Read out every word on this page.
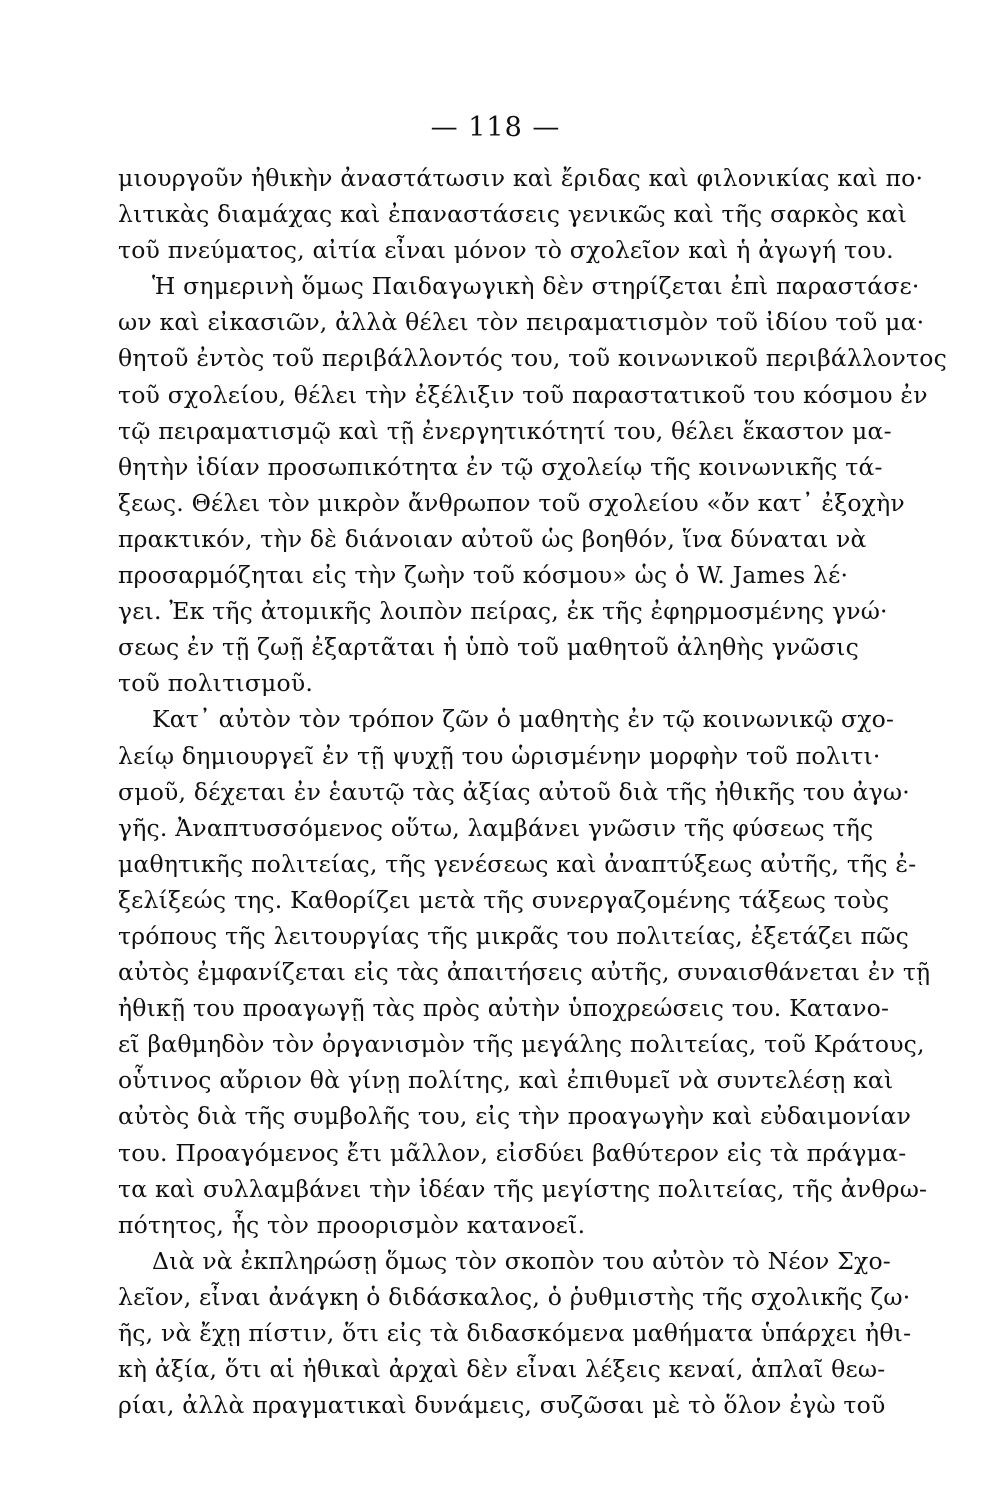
— 118 —
μιουργοῦν ἠθικὴν ἀναστάτωσιν καὶ ἔριδας καὶ φιλονικίας καὶ πο·
λιτικὰς διαμάχας καὶ ἐπαναστάσεις γενικῶς καὶ τῆς σαρκὸς καὶ
τοῦ πνεύματος, αἰτία εἶναι μόνον τὸ σχολεῖον καὶ ἡ ἀγωγή του.
Ἡ σημερινὴ ὅμως Παιδαγωγικὴ δὲν στηρίζεται ἐπὶ παραστάσε·
ων καὶ εἰκασιῶν, ἀλλὰ θέλει τὸν πειραματισμὸν τοῦ ἰδίου τοῦ μα·
θητοῦ ἐντὸς τοῦ περιβάλλοντός του, τοῦ κοινωνικοῦ περιβάλλοντος
τοῦ σχολείου, θέλει τὴν ἐξέλιξιν τοῦ παραστατικοῦ του κόσμου ἐν
τῷ πειραματισμῷ καὶ τῇ ἐνεργητικότητί του, θέλει ἕκαστον μα-
θητὴν ἰδίαν προσωπικότητα ἐν τῷ σχολείῳ τῆς κοινωνικῆς τά-
ξεως. Θέλει τὸν μικρὸν ἄνθρωπον τοῦ σχολείου «ὄν κατ᾽ ἐξοχὴν
πρακτικόν, τὴν δὲ διάνοιαν αὐτοῦ ὡς βοηθόν, ἵνα δύναται νὰ
προσαρμόζηται εἰς τὴν ζωὴν τοῦ κόσμου» ὡς ὁ W. James λέ·
γει. Ἐκ τῆς ἀτομικῆς λοιπὸν πείρας, ἐκ τῆς ἐφηρμοσμένης γνώ·
σεως ἐν τῇ ζωῇ ἐξαρτᾶται ἡ ὑπὸ τοῦ μαθητοῦ ἀληθὴς γνῶσις
τοῦ πολιτισμοῦ.
Κατ᾽ αὐτὸν τὸν τρόπον ζῶν ὁ μαθητὴς ἐν τῷ κοινωνικῷ σχο-
λείῳ δημιουργεῖ ἐν τῇ ψυχῇ του ὡρισμένην μορφὴν τοῦ πολιτι·
σμοῦ, δέχεται ἐν ἑαυτῷ τὰς ἀξίας αὐτοῦ διὰ τῆς ἠθικῆς του ἀγω·
γῆς. Ἀναπτυσσόμενος οὕτω, λαμβάνει γνῶσιν τῆς φύσεως τῆς
μαθητικῆς πολιτείας, τῆς γενέσεως καὶ ἀναπτύξεως αὐτῆς, τῆς ἐ-
ξελίξεώς της. Καθορίζει μετὰ τῆς συνεργαζομένης τάξεως τοὺς
τρόπους τῆς λειτουργίας τῆς μικρᾶς του πολιτείας, ἐξετάζει πῶς
αὐτὸς ἐμφανίζεται εἰς τὰς ἀπαιτήσεις αὐτῆς, συναισθάνεται ἐν τῇ
ἠθικῇ του προαγωγῇ τὰς πρὸς αὐτὴν ὑποχρεώσεις του. Κατανο-
εῖ βαθμηδὸν τὸν ὀργανισμὸν τῆς μεγάλης πολιτείας, τοῦ Κράτους,
οὗτινος αὔριον θὰ γίνῃ πολίτης, καὶ ἐπιθυμεῖ νὰ συντελέσῃ καὶ
αὐτὸς διὰ τῆς συμβολῆς του, εἰς τὴν προαγωγὴν καὶ εὐδαιμονίαν
του. Προαγόμενος ἔτι μᾶλλον, εἰσδύει βαθύτερον εἰς τὰ πράγμα-
τα καὶ συλλαμβάνει τὴν ἰδέαν τῆς μεγίστης πολιτείας, τῆς ἀνθρω-
πότητος, ἧς τὸν προορισμὸν κατανοεῖ.
Διὰ νὰ ἐκπληρώσῃ ὅμως τὸν σκοπὸν του αὐτὸν τὸ Νέον Σχο-
λεῖον, εἶναι ἀνάγκη ὁ διδάσκαλος, ὁ ῥυθμιστὴς τῆς σχολικῆς ζω·
ῆς, νὰ ἔχῃ πίστιν, ὅτι εἰς τὰ διδασκόμενα μαθήματα ὑπάρχει ἠθι-
κὴ ἀξία, ὅτι αἱ ἠθικαὶ ἀρχαὶ δὲν εἶναι λέξεις κεναί, ἁπλαῖ θεω-
ρίαι, ἀλλὰ πραγματικαὶ δυνάμεις, συζῶσαι μὲ τὸ ὅλον ἐγὼ τοῦ
